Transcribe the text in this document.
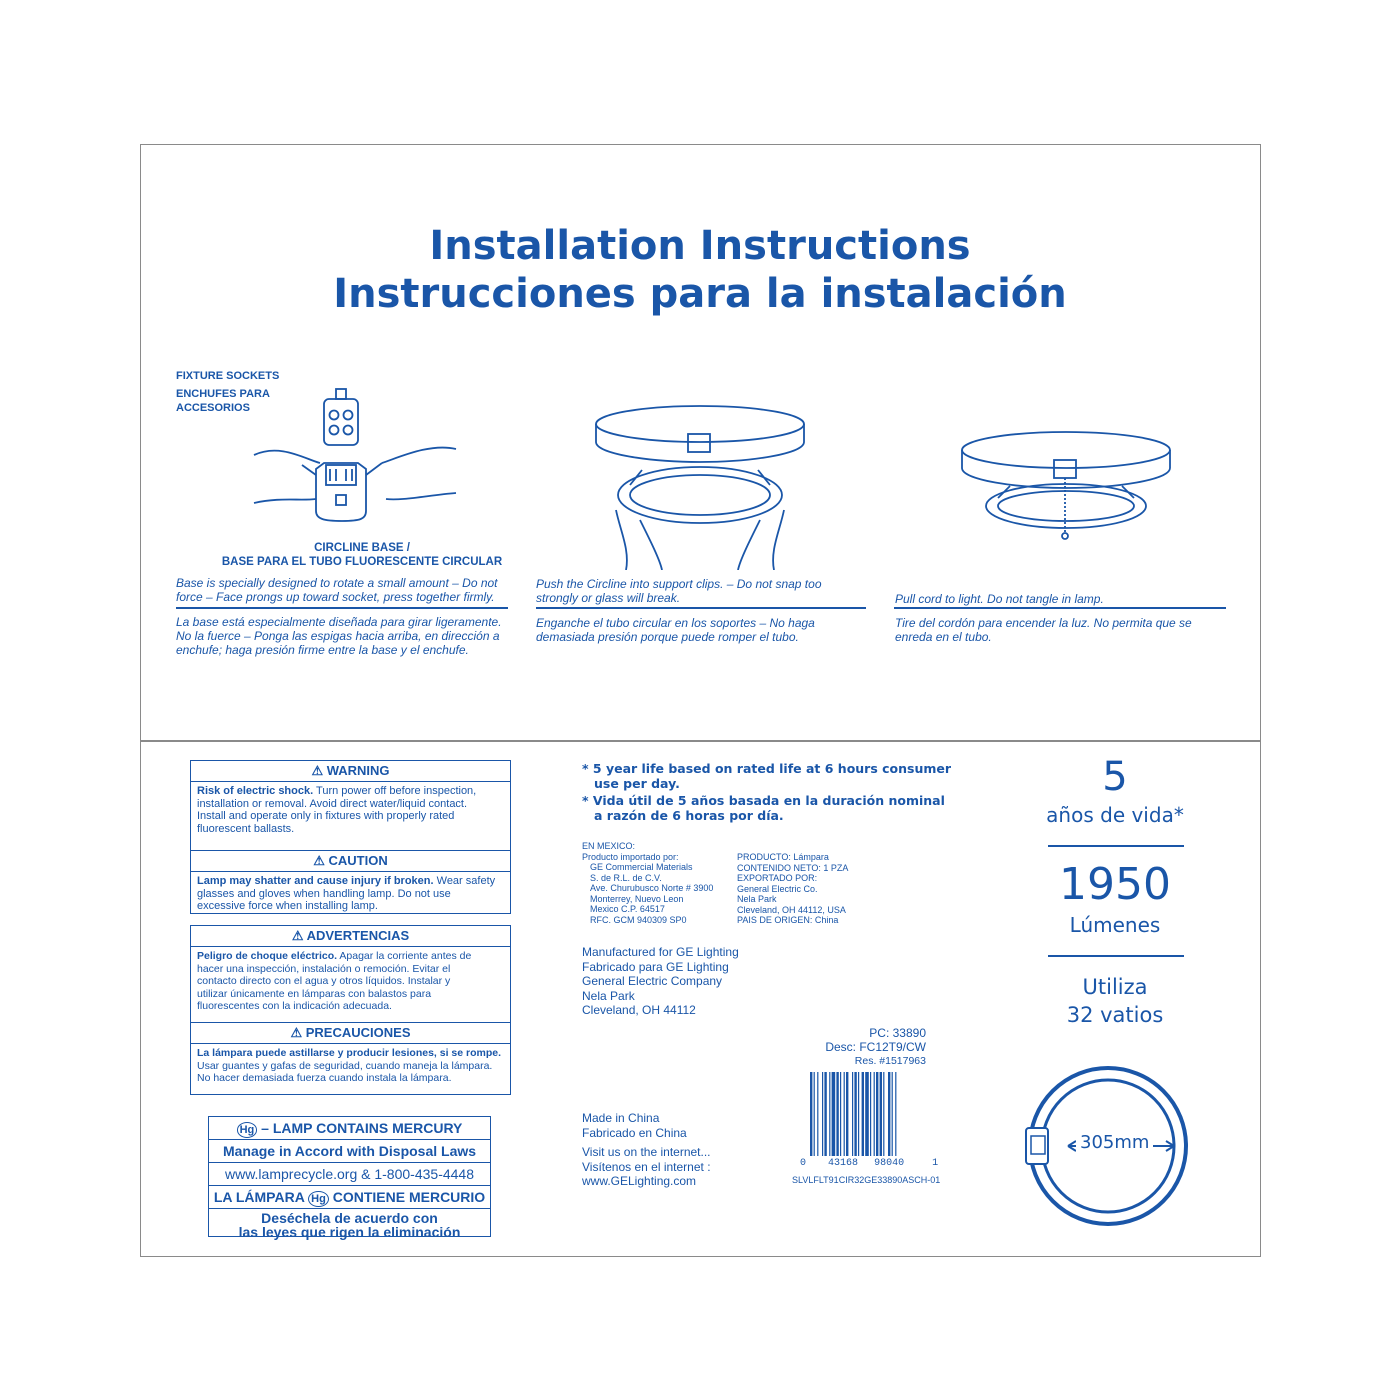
Installation Instructions
Instrucciones para la instalación
FIXTURE SOCKETS
ENCHUFES PARA
ACCESORIOS
CIRCLINE BASE /
BASE PARA EL TUBO FLUORESCENTE CIRCULAR
Base is specially designed to rotate a small amount – Do not
force – Face prongs up toward socket, press together firmly.
La base está especialmente diseñada para girar ligeramente.
No la fuerce – Ponga las espigas hacia arriba, en dirección a
enchufe; haga presión firme entre la base y el enchufe.
Push the Circline into support clips. – Do not snap too
strongly or glass will break.
Enganche el tubo circular en los soportes – No haga
demasiada presión porque puede romper el tubo.
Pull cord to light. Do not tangle in lamp.
Tire del cordón para encender la luz. No permita que se
enreda en el tubo.
⚠ WARNING
Risk of electric shock. Turn power off before inspection,
installation or removal. Avoid direct water/liquid contact.
Install and operate only in fixtures with properly rated
fluorescent ballasts.
⚠ CAUTION
Lamp may shatter and cause injury if broken. Wear safety
glasses and gloves when handling lamp. Do not use
excessive force when installing lamp.
⚠ ADVERTENCIAS
Peligro de choque eléctrico. Apagar la corriente antes de
hacer una inspección, instalación o remoción. Evitar el
contacto directo con el agua y otros líquidos. Instalar y
utilizar únicamente en lámparas con balastos para
fluorescentes con la indicación adecuada.
⚠ PRECAUCIONES
La lámpara puede astillarse y producir lesiones, si se rompe.
Usar guantes y gafas de seguridad, cuando maneja la lámpara.
No hacer demasiada fuerza cuando instala la lámpara.
Hg – LAMP CONTAINS MERCURY
Manage in Accord with Disposal Laws
www.lamprecycle.org & 1-800-435-4448
LA LÁMPARA Hg CONTIENE MERCURIO
Deséchela de acuerdo con
las leyes que rigen la eliminación
* 5 year life based on rated life at 6 hours consumer
use per day.
* Vida útil de 5 años basada en la duración nominal
a razón de 6 horas por día.
EN MEXICO:
Producto importado por:
GE Commercial Materials
S. de R.L. de C.V.
Ave. Churubusco Norte # 3900
Monterrey, Nuevo Leon
Mexico C.P. 64517
RFC. GCM 940309 SP0
PRODUCTO: Lámpara
CONTENIDO NETO: 1 PZA
EXPORTADO POR:
General Electric Co.
Nela Park
Cleveland, OH 44112, USA
PAIS DE ORIGEN: China
Manufactured for GE Lighting
Fabricado para GE Lighting
General Electric Company
Nela Park
Cleveland, OH 44112
PC: 33890
Desc: FC12T9/CW
Res. #1517963
Made in China
Fabricado en China
Visit us on the internet...
Visítenos en el internet :
www.GELighting.com
0 43168 98040	1
SLVLFLT91CIR32GE33890ASCH-01
5
años de vida*
1950
Lúmenes
Utiliza
32 vatios
305mm
